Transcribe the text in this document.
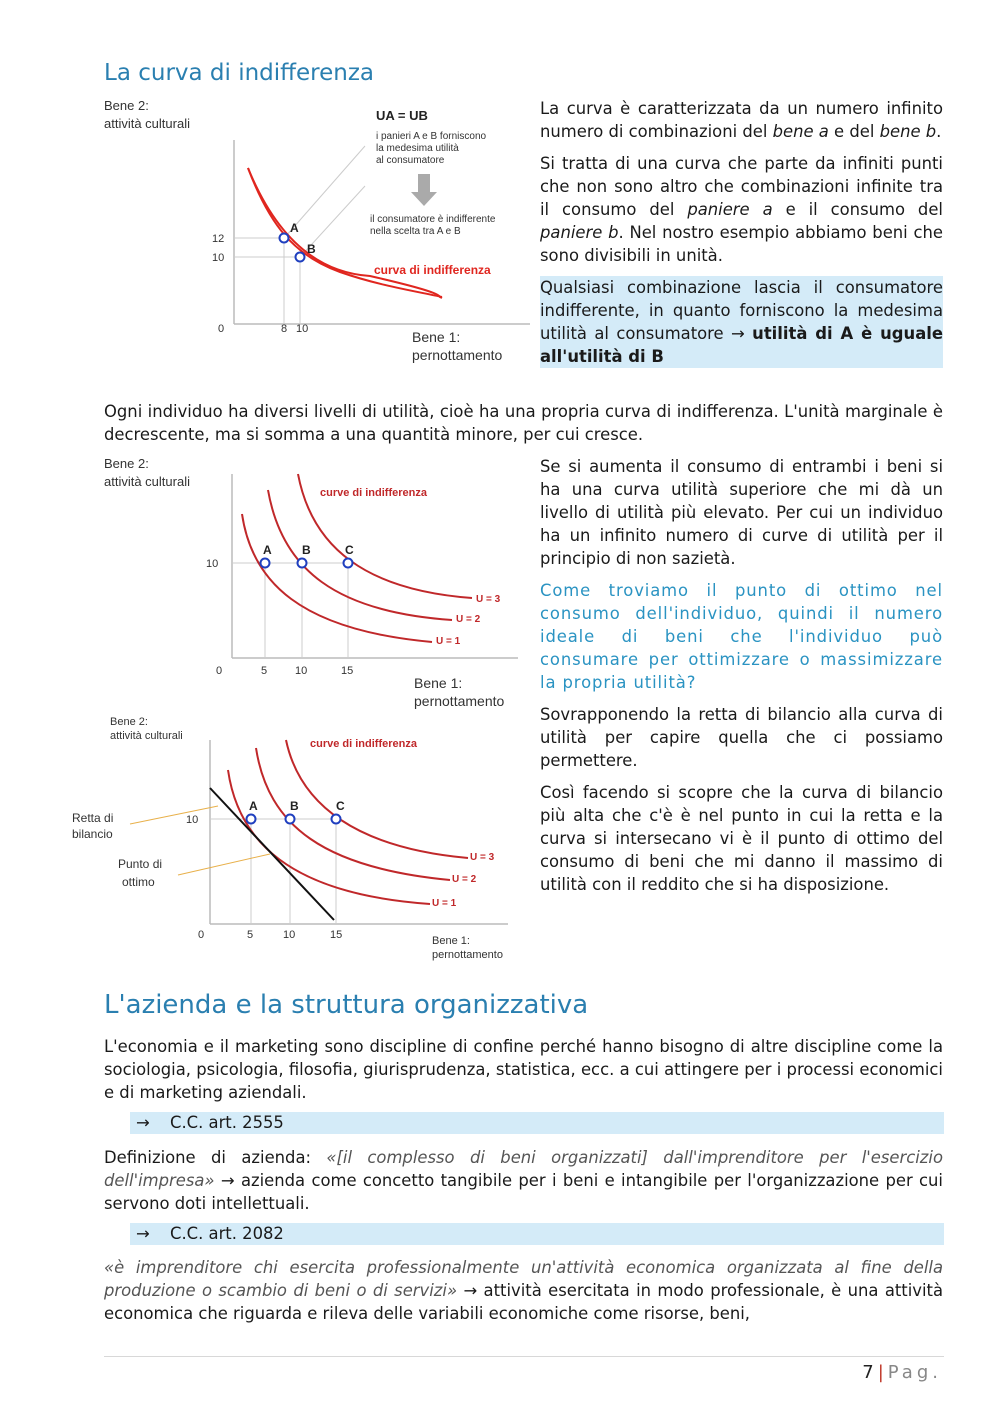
La curva di indifferenza
Bene 2:
attività culturali
A
B
12
10
0	8 10
UA = UB
i panieri A e B forniscono
la medesima utilità
al consumatore
il consumatore è indifferente
nella scelta tra A e B
curva di indifferenza
Bene 1:
pernottamento

La curva è caratterizzata da un numero infinito numero di combinazioni del bene a e del bene b.

Si tratta di una curva che parte da infiniti punti che non sono altro che combinazioni infinite tra il consumo del paniere a e il consumo del paniere b. Nel nostro esempio abbiamo beni che sono divisibili in unità.

Qualsiasi combinazione lascia il consumatore indifferente, in quanto forniscono la medesima utilità al consumatore → utilità di A è uguale all'utilità di B

Ogni individuo ha diversi livelli di utilità, cioè ha una propria curva di indifferenza. L'unità marginale è decrescente, ma si somma a una quantità minore, per cui cresce.
Bene 2:
attività culturali
A	B	C
curve di indifferenza
U = 3
U = 2
U = 1
10
0	5	10	15
Bene 1:
pernottamento
Bene 2:
attività culturali
A	B	C
curve di indifferenza
U = 3
U = 2
U = 1
Retta di
bilancio
Punto di
ottimo
10
0	5	10	15	Bene 1:
pernottamento

Se si aumenta il consumo di entrambi i beni si ha una curva utilità superiore che mi dà un livello di utilità più elevato. Per cui un individuo ha un infinito numero di curve di utilità per il principio di non sazietà.

Come troviamo il punto di ottimo nel consumo dell'individuo, quindi il numero ideale di beni che l'individuo può consumare per ottimizzare o massimizzare la propria utilità?

Sovrapponendo la retta di bilancio alla curva di utilità per capire quella che ci possiamo permettere.

Così facendo si scopre che la curva di bilancio più alta che c'è è nel punto in cui la retta e la curva si intersecano vi è il punto di ottimo del consumo di beni che mi danno il massimo di utilità con il reddito che si ha disposizione.

L'azienda e la struttura organizzativa
L'economia e il marketing sono discipline di confine perché hanno bisogno di altre discipline come la sociologia, psicologia, filosofia, giurisprudenza, statistica, ecc. a cui attingere per i processi economici e di marketing aziendali.
→ C.C. art. 2555
Definizione di azienda: «[il complesso di beni organizzati] dall'imprenditore per l'esercizio dell'impresa» → azienda come concetto tangibile per i beni e intangibile per l'organizzazione per cui servono doti intellettuali.
→ C.C. art. 2082
«è imprenditore chi esercita professionalmente un'attività economica organizzata al fine della produzione o scambio di beni o di servizi» → attività esercitata in modo professionale, è una attività economica che riguarda e rileva delle variabili economiche come risorse, beni,
7 | Pag.
